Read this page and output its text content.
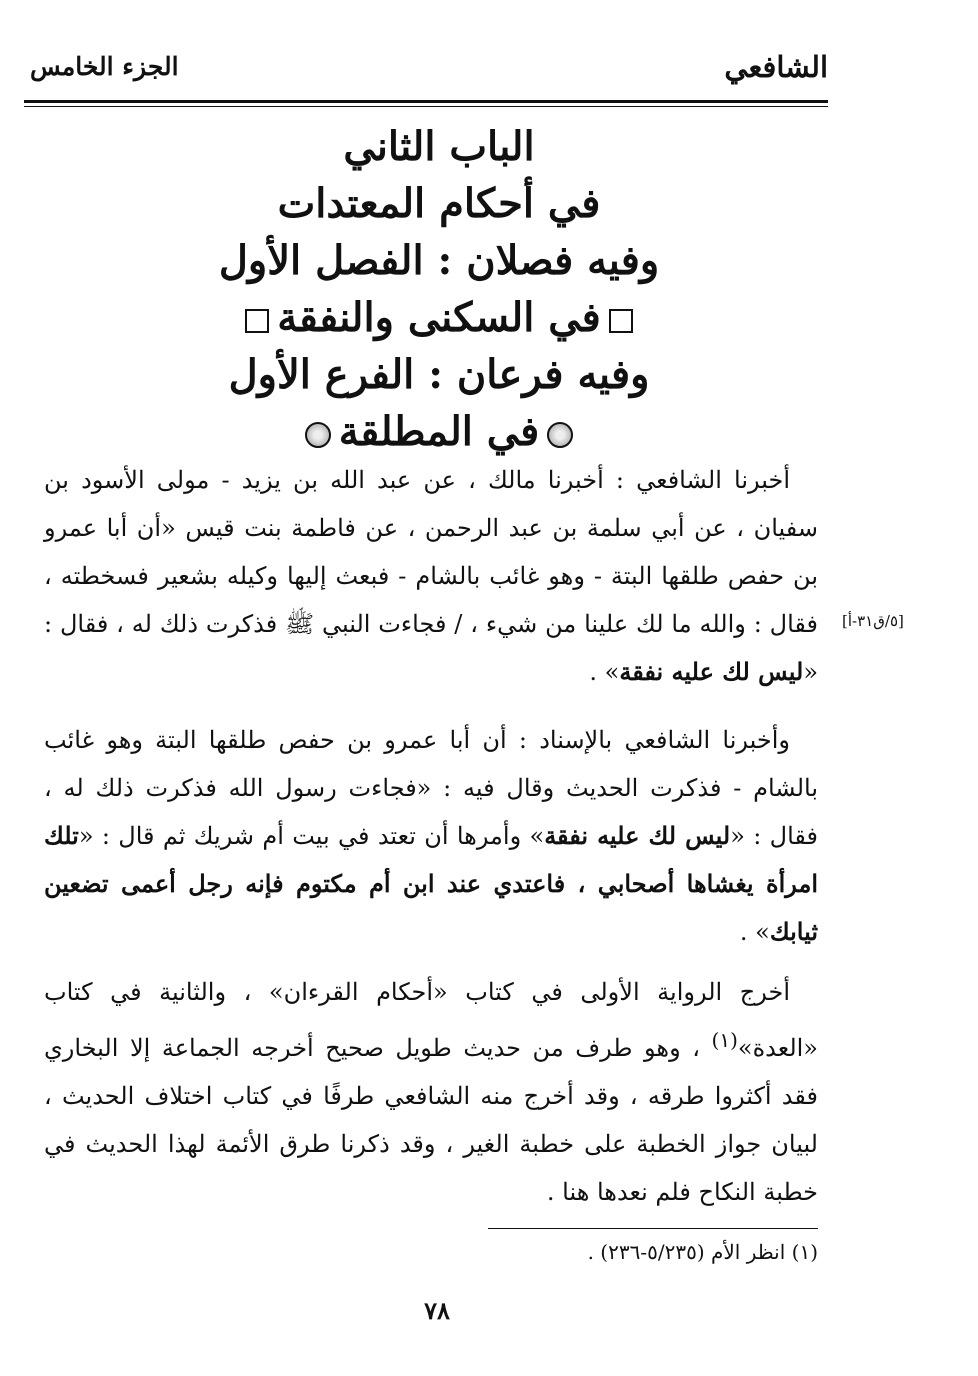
الشافعي
الجزء الخامس
الباب الثاني
في أحكام المعتدات
وفيه فصلان : الفصل الأول
في السكنى والنفقة
وفيه فرعان : الفرع الأول
في المطلقة

أخبرنا الشافعي : أخبرنا مالك ، عن عبد الله بن يزيد - مولى الأسود بن سفيان ، عن أبي سلمة بن عبد الرحمن ، عن فاطمة بنت قيس «أن أبا عمرو بن حفص طلقها البتة - وهو غائب بالشام - فبعث إليها وكيله بشعير فسخطته ، فقال : والله ما لك علينا من شيء ، / فجاءت النبي ﷺ فذكرت ذلك له ، فقال : «ليس لك عليه نفقة» .

[٥/ق٣١-أ]

وأخبرنا الشافعي بالإسناد : أن أبا عمرو بن حفص طلقها البتة وهو غائب بالشام - فذكرت الحديث وقال فيه : «فجاءت رسول الله فذكرت ذلك له ، فقال : «ليس لك عليه نفقة» وأمرها أن تعتد في بيت أم شريك ثم قال : «تلك امرأة يغشاها أصحابي ، فاعتدي عند ابن أم مكتوم فإنه رجل أعمى تضعين ثيابك» .

أخرج الرواية الأولى في كتاب «أحكام القرءان» ، والثانية في كتاب «العدة»$^{(١)}$ ، وهو طرف من حديث طويل صحيح أخرجه الجماعة إلا البخاري فقد أكثروا طرقه ، وقد أخرج منه الشافعي طرفًا في كتاب اختلاف الحديث ، لبيان جواز الخطبة على خطبة الغير ، وقد ذكرنا طرق الأئمة لهذا الحديث في خطبة النكاح فلم نعدها هنا .

(١) انظر الأم (٥/٢٣٥-٢٣٦) .
٧٨
